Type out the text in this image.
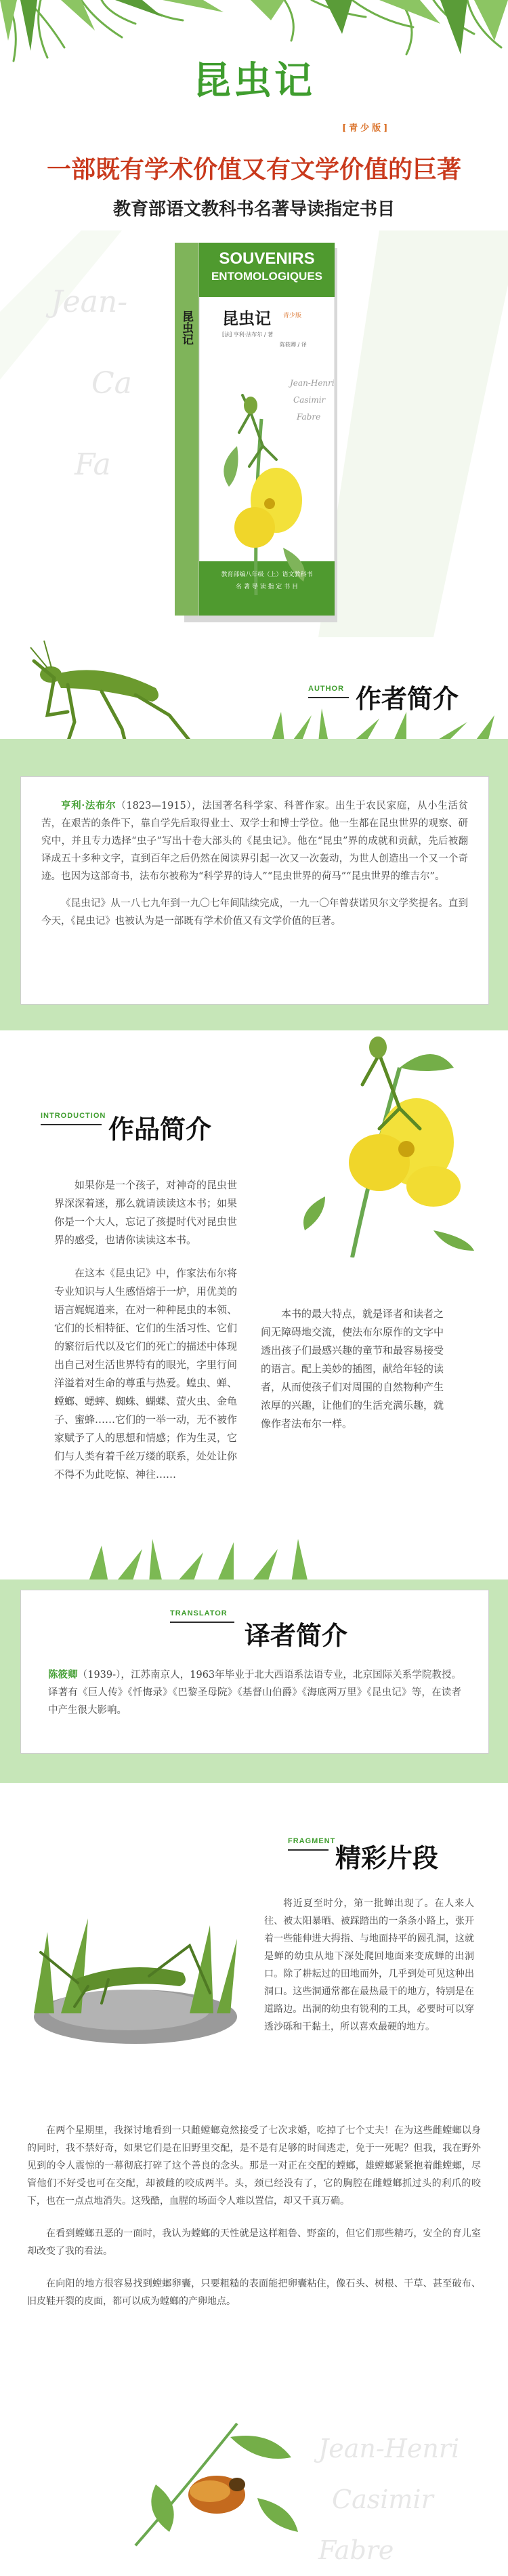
昆虫记
[青少版]
一部既有学术价值又有文学价值的巨著
教育部语文教科书名著导读指定书目
Jean-
Ca
Fa
SOUVENIRS
ENTOMOLOGIQUES
昆虫记 青少版
[法] 亨利·法布尔 / 著
陈筱卿 / 译
昆虫记
Jean-Henri
Casimir
Fabre
教育部编八年级（上）语文教科书
名 著 导 读 指 定 书 目
AUTHOR 作者简介

亨利·法布尔（1823—1915），法国著名科学家、科普作家。出生于农民家庭，从小生活贫苦，在艰苦的条件下，靠自学先后取得业士、双学士和博士学位。他一生都在昆虫世界的观察、研究中，并且专力选择“虫子”写出十卷大部头的《昆虫记》。他在“昆虫”界的成就和贡献，先后被翻译成五十多种文字，直到百年之后仍然在阅读界引起一次又一次轰动，为世人创造出一个又一个奇迹。也因为这部奇书，法布尔被称为“科学界的诗人”“昆虫世界的荷马”“昆虫世界的维吉尔”。

《昆虫记》从一八七九年到一九〇七年间陆续完成，一九一〇年曾获诺贝尔文学奖提名。直到今天，《昆虫记》也被认为是一部既有学术价值又有文学价值的巨著。

INTRODUCTION 作品简介

如果你是一个孩子，对神奇的昆虫世界深深着迷，那么就请读读这本书；如果你是一个大人，忘记了孩提时代对昆虫世界的感受，也请你读读这本书。

在这本《昆虫记》中，作家法布尔将专业知识与人生感悟熔于一炉，用优美的语言娓娓道来，在对一种种昆虫的本领、它们的长相特征、它们的生活习性、它们的繁衍后代以及它们的死亡的描述中体现出自己对生活世界特有的眼光，字里行间洋溢着对生命的尊重与热爱。蝗虫、蝉、螳螂、蟋蟀、蜘蛛、蝴蝶、萤火虫、金龟子、蜜蜂……它们的一举一动，无不被作家赋予了人的思想和情感；作为生灵，它们与人类有着千丝万缕的联系，处处让你不得不为此吃惊、神往……

本书的最大特点，就是译者和读者之间无障碍地交流，使法布尔原作的文字中透出孩子们最感兴趣的童节和最容易接受的语言。配上美妙的插图，献给年轻的读者，从而使孩子们对周围的自然物种产生浓厚的兴趣，让他们的生活充满乐趣，就像作者法布尔一样。

TRANSLATOR
译者简介
陈筱卿（1939-），江苏南京人，1963年毕业于北大西语系法语专业，北京国际关系学院教授。译著有《巨人传》《忏悔录》《巴黎圣母院》《基督山伯爵》《海底两万里》《昆虫记》等，在读者中产生很大影响。
FRAGMENT
精彩片段

将近夏至时分，第一批蝉出现了。在人来人往、被太阳暴晒、被踩踏出的一条条小路上，张开着一些能伸进大拇指、与地面持平的圆孔洞，这就是蝉的幼虫从地下深处爬回地面来变成蝉的出洞口。除了耕耘过的田地而外，几乎到处可见这种出洞口。这些洞通常都在最热最干的地方，特别是在道路边。出洞的幼虫有锐利的工具，必要时可以穿透沙砾和干黏土，所以喜欢最硬的地方。

在两个星期里，我探讨地看到一只雌螳螂竟然接受了七次求婚，吃掉了七个丈夫！在为这些雌螳螂以身的同时，我不禁好奇，如果它们是在旧野里交配，是不是有足够的时间逃走，免于一死呢？但我，我在野外见到的令人震惊的一幕彻底打碎了这个善良的念头。那是一对正在交配的螳螂，雄螳螂紧紧抱着雌螳螂，尽管他们不好受也可在交配，却被雌的咬成两半。头，颈已经没有了，它的胸腔在雌螳螂抓过头的利爪的咬下，也在一点点地消失。这残酷，血腥的场面令人难以置信，却又千真万确。

在看到螳螂丑恶的一面时，我认为螳螂的天性就是这样粗鲁、野蛮的，但它们那些精巧，安全的育儿室却改变了我的看法。

在向阳的地方很容易找到螳螂卵囊，只要粗糙的表面能把卵囊粘住，像石头、树根、干草、甚至破布、旧皮鞋开裂的皮面，都可以成为螳螂的产卵地点。

Jean-Henri
Casimir
Fabre
